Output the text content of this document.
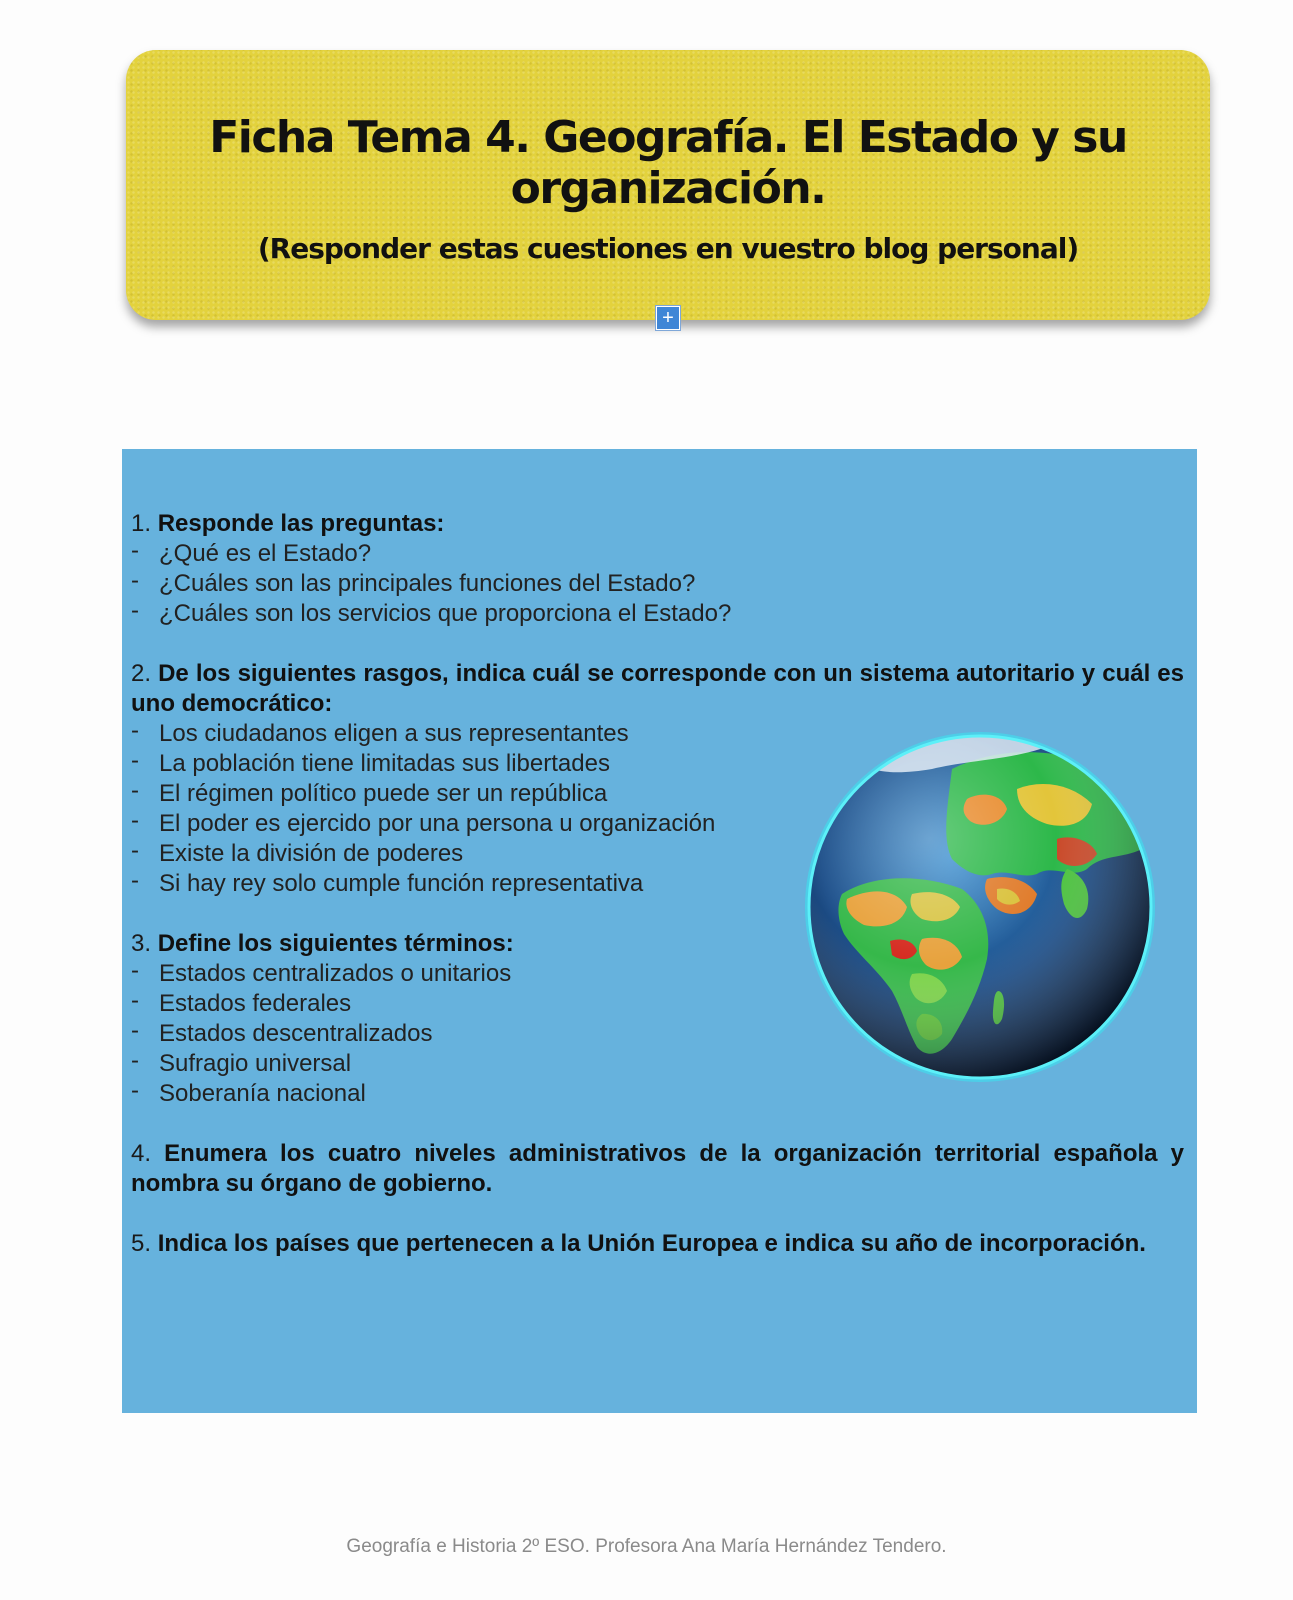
Ficha Tema 4. Geografía. El Estado y su organización.
(Responder estas cuestiones en vuestro blog personal)
+
1. Responde las preguntas:
- ¿Qué es el Estado?
- ¿Cuáles son las principales funciones del Estado?
- ¿Cuáles son los servicios que proporciona el Estado?
2. De los siguientes rasgos, indica cuál se corresponde con un sistema autoritario y cuál es uno democrático:
- Los ciudadanos eligen a sus representantes
- La población tiene limitadas sus libertades
- El régimen político puede ser un república
- El poder es ejercido por una persona u organización
- Existe la división de poderes
- Si hay rey solo cumple función representativa
3. Define los siguientes términos:
- Estados centralizados o unitarios
- Estados federales
- Estados descentralizados
- Sufragio universal
- Soberanía nacional
4. Enumera los cuatro niveles administrativos de la organización territorial española y nombra su órgano de gobierno.
5. Indica los países que pertenecen a la Unión Europea e indica su año de incorporación.
Geografía e Historia 2º ESO. Profesora Ana María Hernández Tendero.
